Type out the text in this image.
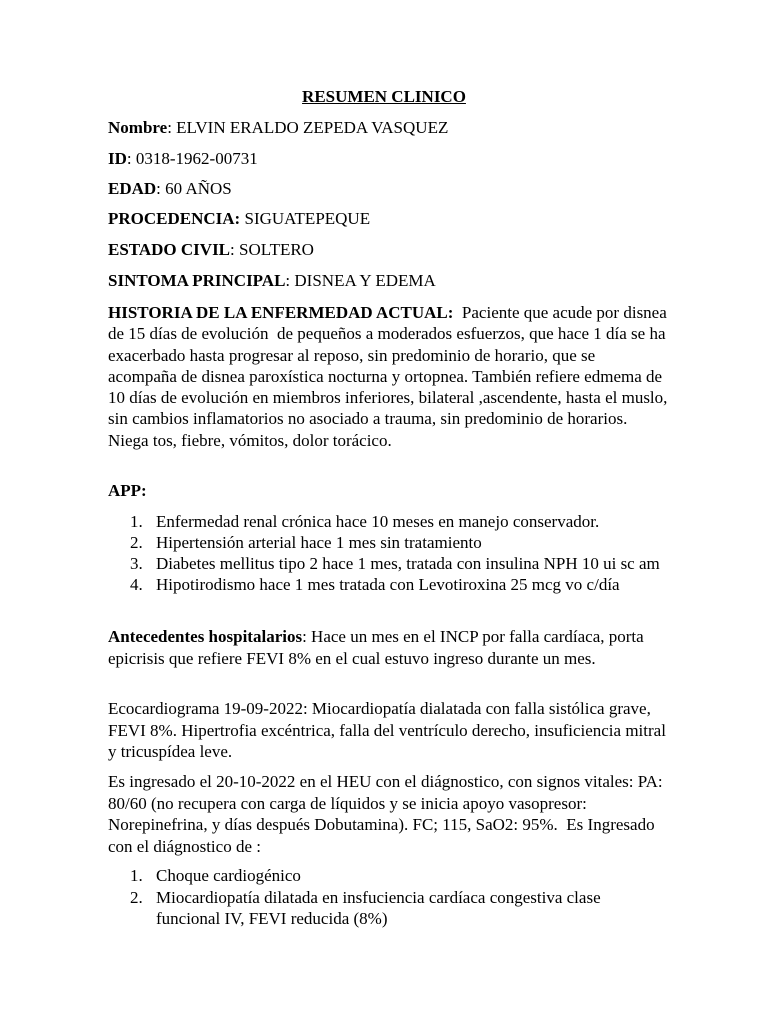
RESUMEN CLINICO

Nombre: ELVIN ERALDO ZEPEDA VASQUEZ

ID: 0318-1962-00731

EDAD: 60 AÑOS

PROCEDENCIA: SIGUATEPEQUE

ESTADO CIVIL: SOLTERO

SINTOMA PRINCIPAL: DISNEA Y EDEMA

HISTORIA DE LA ENFERMEDAD ACTUAL:  Paciente que acude por disnea de 15 días de evolución  de pequeños a moderados esfuerzos, que hace 1 día se ha exacerbado hasta progresar al reposo, sin predominio de horario, que se acompaña de disnea paroxística nocturna y ortopnea. También refiere edmema de 10 días de evolución en miembros inferiores, bilateral ,ascendente, hasta el muslo, sin cambios inflamatorios no asociado a trauma, sin predominio de horarios. Niega tos, fiebre, vómitos, dolor torácico.

APP:

1. Enfermedad renal crónica hace 10 meses en manejo conservador.
2. Hipertensión arterial hace 1 mes sin tratamiento
3. Diabetes mellitus tipo 2 hace 1 mes, tratada con insulina NPH 10 ui sc am
4. Hipotirodismo hace 1 mes tratada con Levotiroxina 25 mcg vo c/día

Antecedentes hospitalarios: Hace un mes en el INCP por falla cardíaca, porta epicrisis que refiere FEVI 8% en el cual estuvo ingreso durante un mes.

Ecocardiograma 19-09-2022: Miocardiopatía dialatada con falla sistólica grave, FEVI 8%. Hipertrofia excéntrica, falla del ventrículo derecho, insuficiencia mitral y tricuspídea leve.

Es ingresado el 20-10-2022 en el HEU con el diágnostico, con signos vitales: PA: 80/60 (no recupera con carga de líquidos y se inicia apoyo vasopresor: Norepinefrina, y días después Dobutamina). FC; 115, SaO2: 95%.  Es Ingresado con el diágnostico de :

1. Choque cardiogénico
2. Miocardiopatía dilatada en insfuciencia cardíaca congestiva clase funcional IV, FEVI reducida (8%)
